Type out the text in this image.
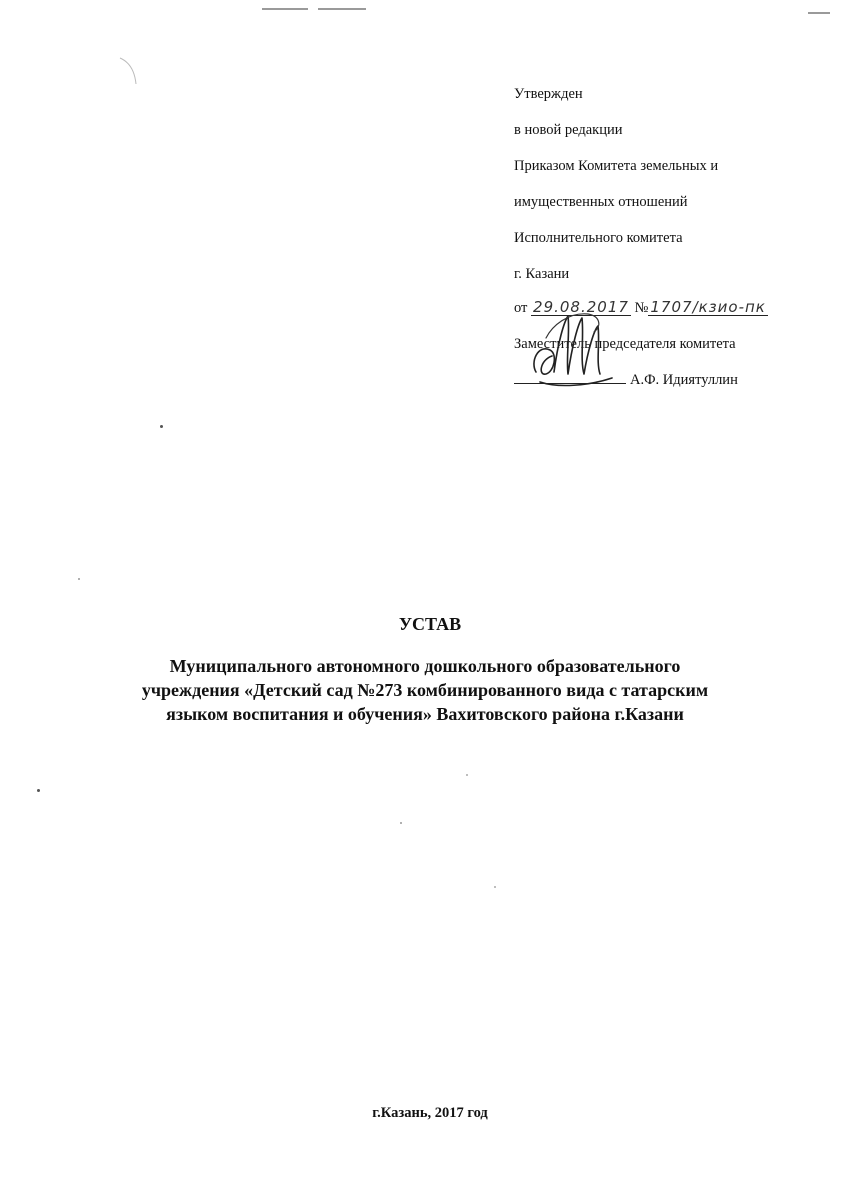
Утвержден
в новой редакции
Приказом Комитета земельных и
имущественных отношений
Исполнительного комитета
г. Казани
от 29.08.2017 № 1707/кзио-пк
Заместитель председателя комитета
А.Ф. Идиятуллин
УСТАВ
Муниципального автономного дошкольного образовательного
учреждения «Детский сад №273 комбинированного вида с татарским
языком воспитания и обучения» Вахитовского района г.Казани
г.Казань, 2017 год
